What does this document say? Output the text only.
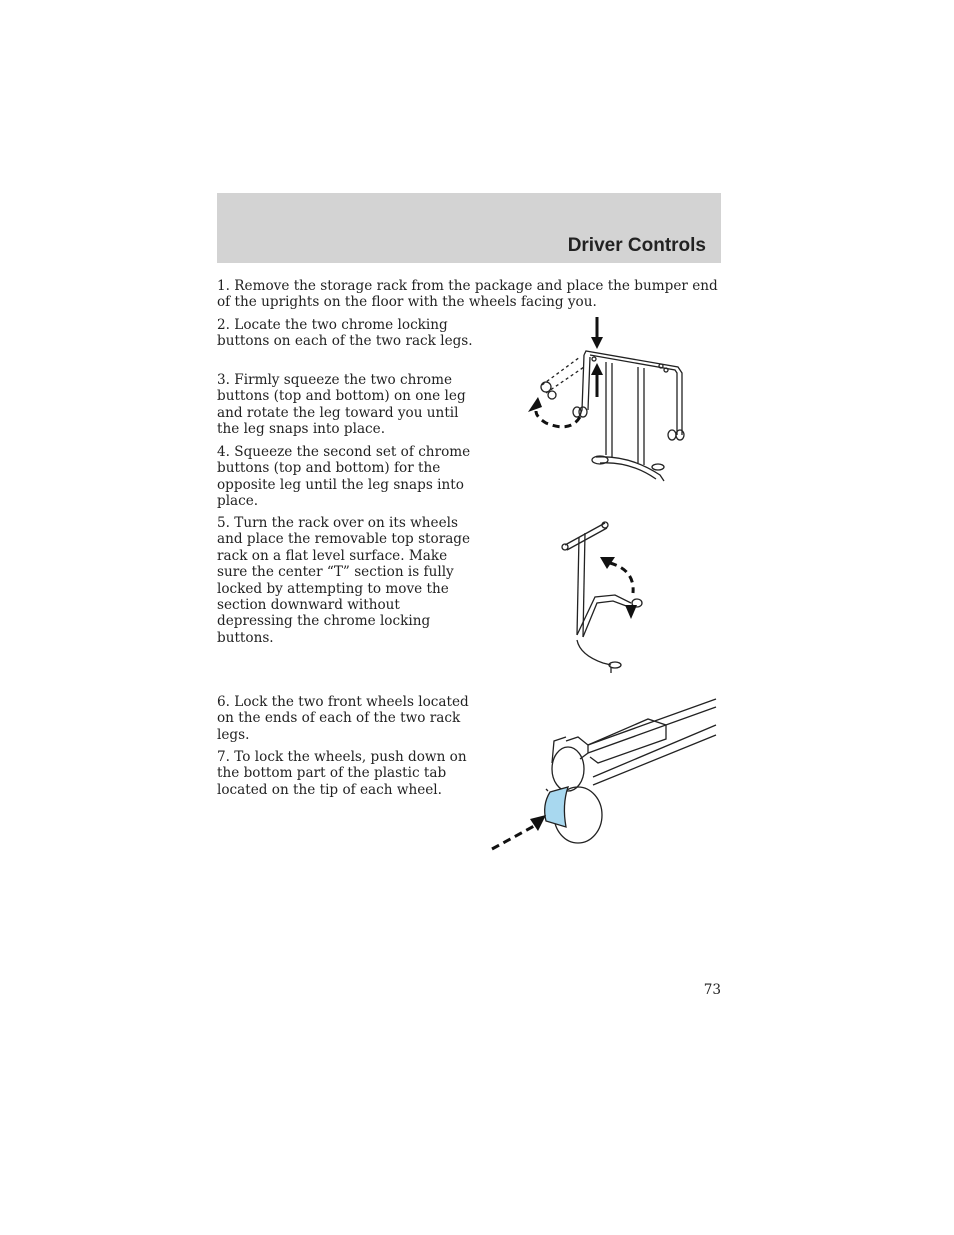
Driver Controls

1. Remove the storage rack from the package and place the bumper end of the uprights on the floor with the wheels facing you.

2. Locate the two chrome locking buttons on each of the two rack legs.

3. Firmly squeeze the two chrome buttons (top and bottom) on one leg and rotate the leg toward you until the leg snaps into place.

4. Squeeze the second set of chrome buttons (top and bottom) for the opposite leg until the leg snaps into place.

5. Turn the rack over on its wheels and place the removable top storage rack on a flat level surface. Make sure the center “T” section is fully locked by attempting to move the section downward without depressing the chrome locking buttons.

6. Lock the two front wheels located on the ends of each of the two rack legs.

7. To lock the wheels, push down on the bottom part of the plastic tab located on the tip of each wheel.

73
